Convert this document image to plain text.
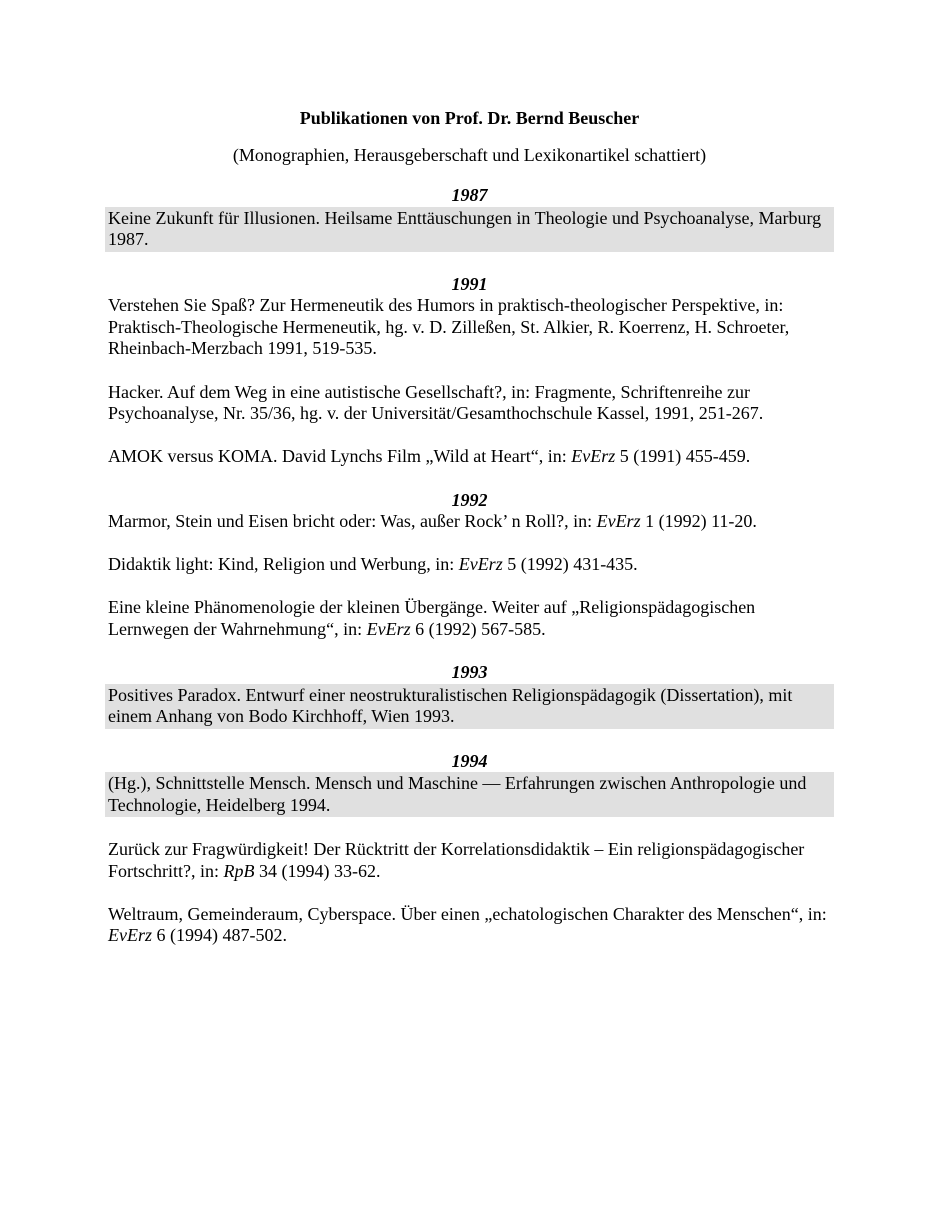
Publikationen von Prof. Dr. Bernd Beuscher

(Monographien, Herausgeberschaft und Lexikonartikel schattiert)

1987

Keine Zukunft für Illusionen. Heilsame Enttäuschungen in Theologie und Psychoanalyse, Marburg 1987.

1991

Verstehen Sie Spaß? Zur Hermeneutik des Humors in praktisch-theologischer Perspektive, in: Praktisch-Theologische Hermeneutik, hg. v. D. Zilleßen, St. Alkier, R. Koerrenz, H. Schroeter, Rheinbach-Merzbach 1991, 519-535.

Hacker. Auf dem Weg in eine autistische Gesellschaft?, in: Fragmente, Schriftenreihe zur Psychoanalyse, Nr. 35/36, hg. v. der Universität/Gesamthochschule Kassel, 1991, 251-267.

AMOK versus KOMA. David Lynchs Film „Wild at Heart“, in: EvErz 5 (1991) 455-459.

1992

Marmor, Stein und Eisen bricht oder: Was, außer Rock’ n Roll?, in: EvErz 1 (1992) 11-20.

Didaktik light: Kind, Religion und Werbung, in: EvErz 5 (1992) 431-435.

Eine kleine Phänomenologie der kleinen Übergänge. Weiter auf „Religionspädagogischen Lernwegen der Wahrnehmung“, in: EvErz 6 (1992) 567-585.

1993

Positives Paradox. Entwurf einer neostrukturalistischen Religionspädagogik (Dissertation), mit einem Anhang von Bodo Kirchhoff, Wien 1993.

1994

(Hg.), Schnittstelle Mensch. Mensch und Maschine — Erfahrungen zwischen Anthropologie und Technologie, Heidelberg 1994.

Zurück zur Fragwürdigkeit! Der Rücktritt der Korrelationsdidaktik – Ein religionspädagogischer Fortschritt?, in: RpB 34 (1994) 33-62.

Weltraum, Gemeinderaum, Cyberspace. Über einen „echatologischen Charakter des Menschen“, in: EvErz 6 (1994) 487-502.
